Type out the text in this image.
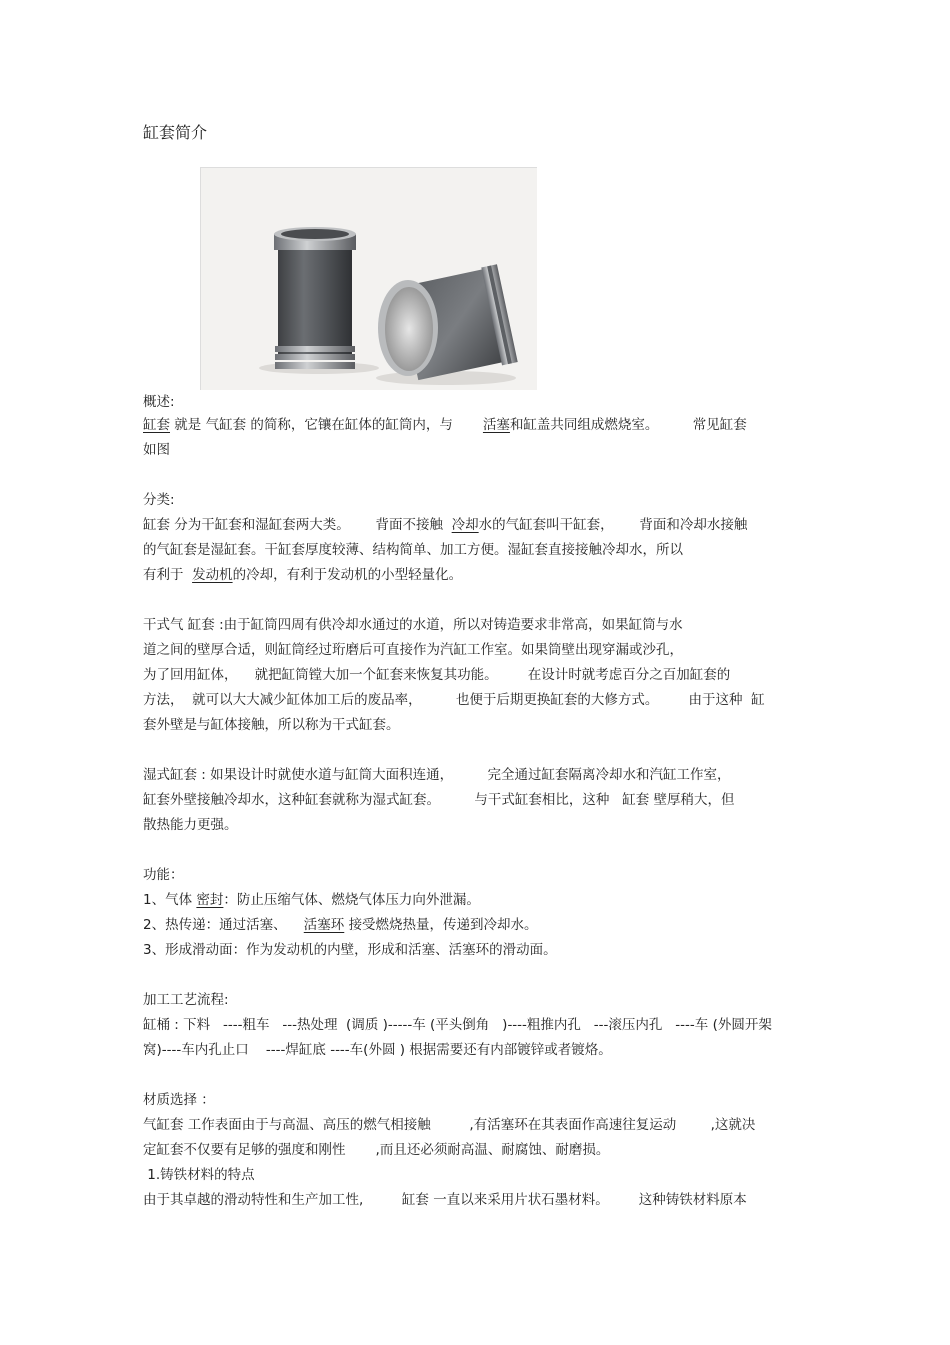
缸套简介
概述:
缸套 就是 气缸套 的简称，它镶在缸体的缸筒内，与 活塞和缸盖共同组成燃烧室。	常见缸套
如图
分类:
缸套 分为干缸套和湿缸套两大类。 背面不接触 冷却水的气缸套叫干缸套， 背面和冷却水接触
的气缸套是湿缸套。干缸套厚度较薄、结构简单、加工方便。湿缸套直接接触冷却水，所以
有利于 发动机的冷却，有利于发动机的小型轻量化。
干式气 缸套 :由于缸筒四周有供冷却水通过的水道，所以对铸造要求非常高，如果缸筒与水
道之间的壁厚合适，则缸筒经过珩磨后可直接作为汽缸工作室。如果筒壁出现穿漏或沙孔，
为了回用缸体， 就把缸筒镗大加一个缸套来恢复其功能。 在设计时就考虑百分之百加缸套的
方法， 就可以大大减少缸体加工后的废品率，	也便于后期更换缸套的大修方式。 由于这种 缸
套外壁是与缸体接触，所以称为干式缸套。
湿式缸套 : 如果设计时就使水道与缸筒大面积连通，	完全通过缸套隔离冷却水和汽缸工作室，
缸套外壁接触冷却水，这种缸套就称为湿式缸套。	与干式缸套相比，这种 缸套 壁厚稍大，但
散热能力更强。
功能：
1、气体 密封：防止压缩气体、燃烧气体压力向外泄漏。
2、热传递：通过活塞、 活塞环 接受燃烧热量，传递到冷却水。
3、形成滑动面：作为发动机的内壁，形成和活塞、活塞环的滑动面。
加工工艺流程:
缸桶 : 下料   ----粗车   ---热处理  (调质 )-----车 (平头倒角   )----粗推内孔   ---滚压内孔   ----车 (外圆开架
窝)----车内孔止口    ----焊缸底 ----车(外圆 ) 根据需要还有内部镀锌或者镀烙。
材质选择 ：
气缸套 工作表面由于与高温、高压的燃气相接触	,有活塞环在其表面作高速往复运动	,这就决
定缸套不仅要有足够的强度和刚性 ,而且还必须耐高温、耐腐蚀、耐磨损。
1.铸铁材料的特点
由于其卓越的滑动特性和生产加工性,	缸套 一直以来采用片状石墨材料。 这种铸铁材料原本
